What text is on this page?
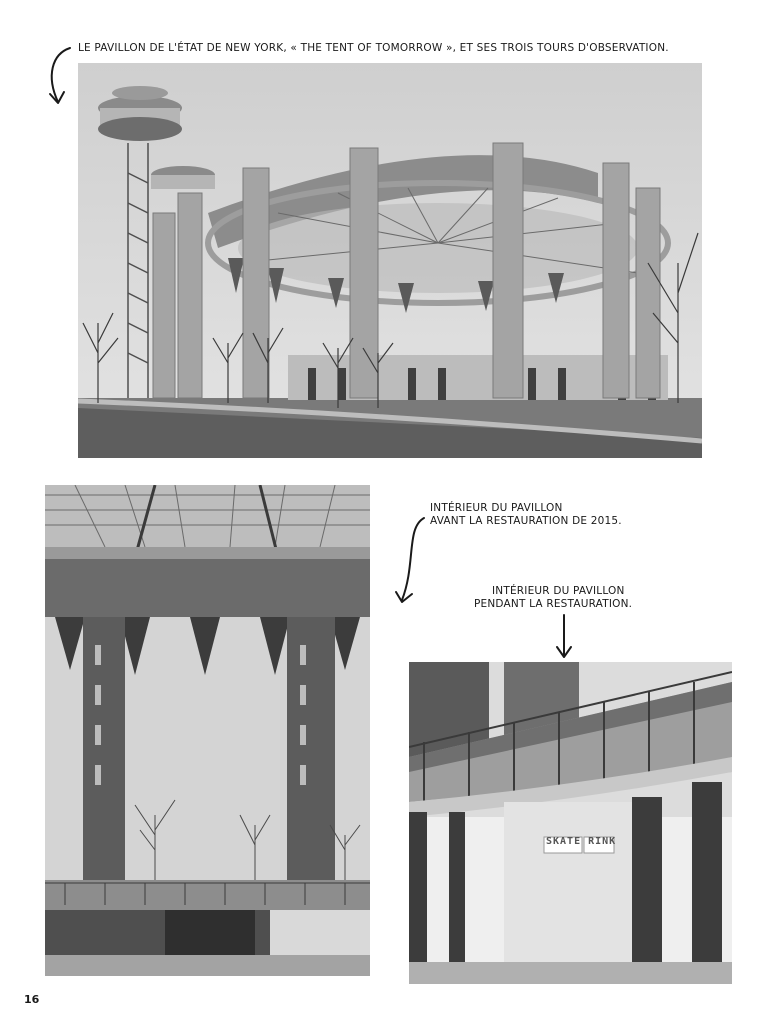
LE PAVILLON DE L'ÉTAT DE NEW YORK, « THE TENT OF TOMORROW », ET SES TROIS TOURS D'OBSERVATION.
INTÉRIEUR DU PAVILLON
AVANT LA RESTAURATION DE 2015.
INTÉRIEUR DU PAVILLON
PENDANT LA RESTAURATION.
SKATE RINK
16
